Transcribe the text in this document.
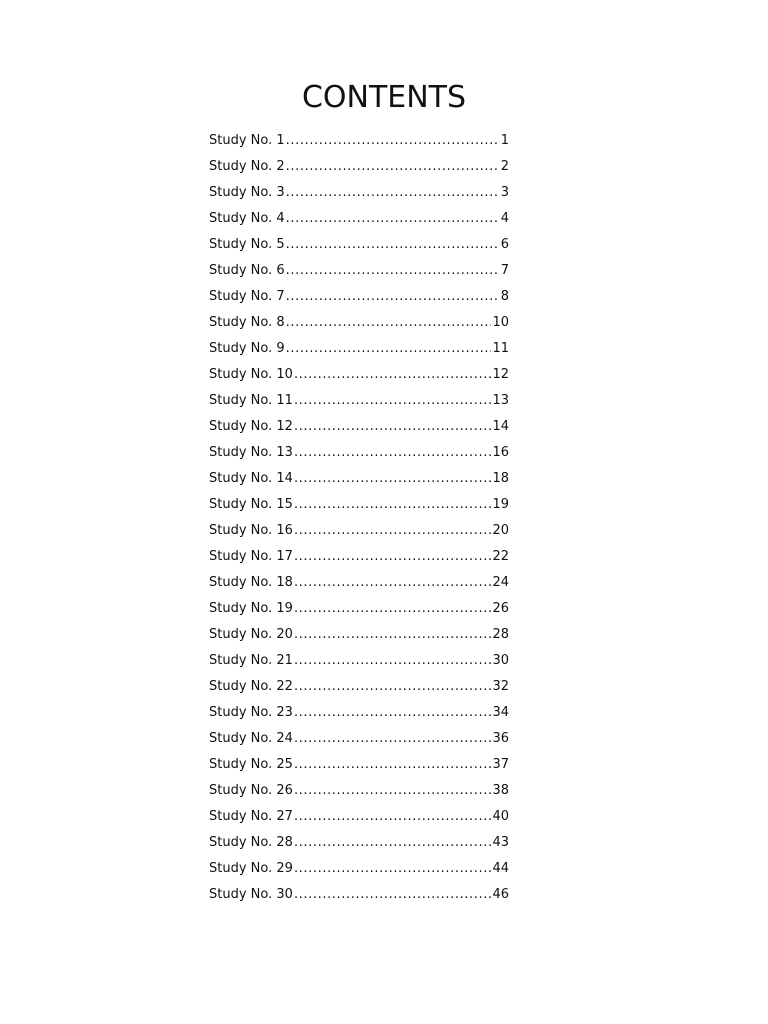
CONTENTS
Study No. 1 .....	1
Study No. 2 .....	2
Study No. 3 .....	3
Study No. 4 .....	4
Study No. 5 .....	6
Study No. 6 .....	7
Study No. 7 .....	8
Study No. 8 .....	10
Study No. 9 .....	11
Study No. 10 .....	12
Study No. 11 .....	13
Study No. 12 .....	14
Study No. 13 .....	16
Study No. 14 .....	18
Study No. 15 .....	19
Study No. 16 .....	20
Study No. 17 .....	22
Study No. 18 .....	24
Study No. 19 .....	26
Study No. 20 .....	28
Study No. 21 .....	30
Study No. 22 .....	32
Study No. 23 .....	34
Study No. 24 .....	36
Study No. 25 .....	37
Study No. 26 .....	38
Study No. 27 .....	40
Study No. 28 .....	43
Study No. 29 .....	44
Study No. 30 .....	46
